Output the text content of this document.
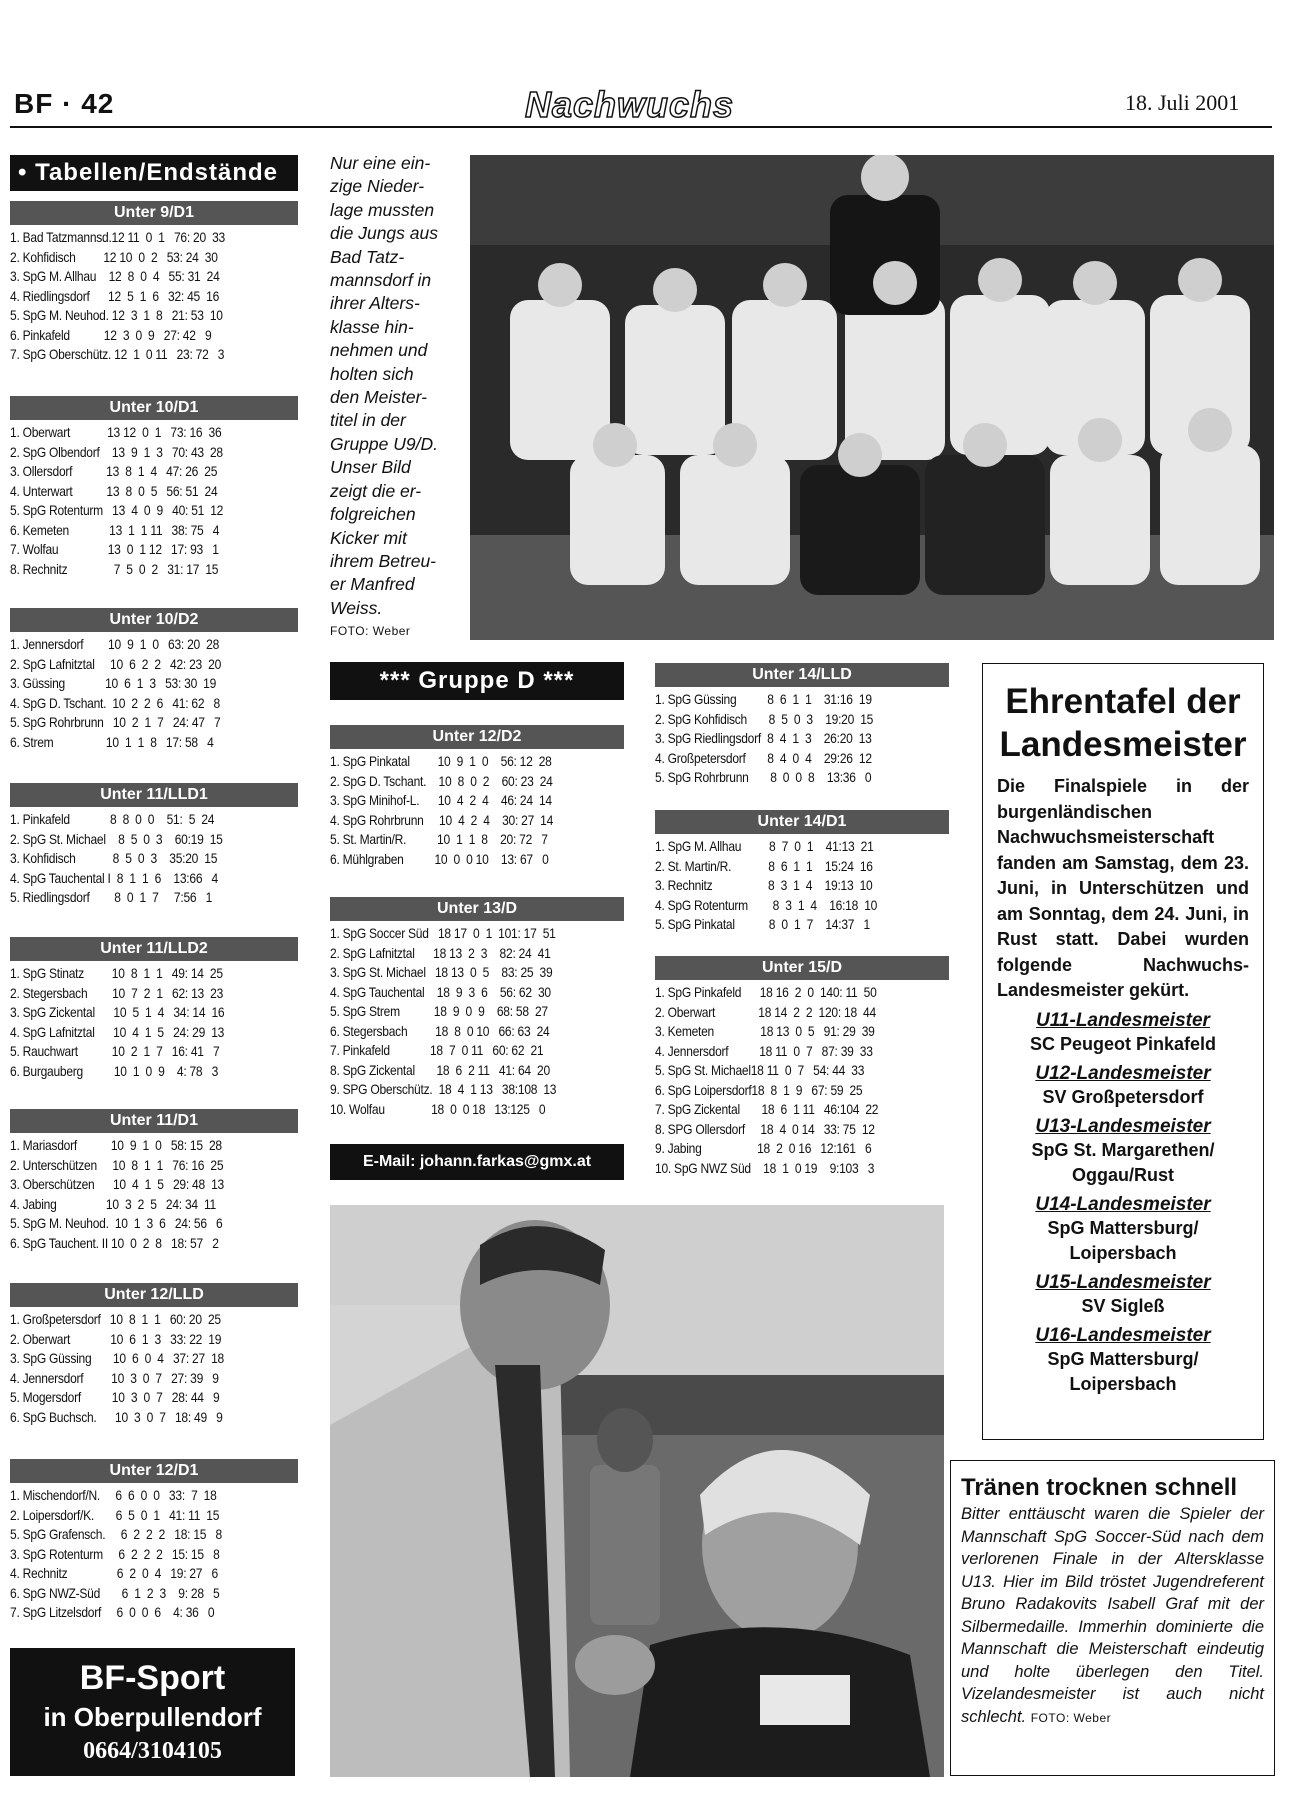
BF · 42	Nachwuchs	18. Juli 2001
• Tabellen/Endstände
Unter 9/D1
1. Bad Tatzmannsd.12 11  0  1   76: 20  33
2. Kohfidisch         12 10  0  2   53: 24  30
3. SpG M. Allhau    12  8  0  4   55: 31  24
4. Riedlingsdorf      12  5  1  6   32: 45  16
5. SpG M. Neuhod. 12  3  1  8   21: 53  10
6. Pinkafeld           12  3  0  9   27: 42   9
7. SpG Oberschütz. 12  1  0 11   23: 72   3
Unter 10/D1
1. Oberwart            13 12  0  1   73: 16  36
2. SpG Olbendorf    13  9  1  3   70: 43  28
3. Ollersdorf           13  8  1  4   47: 26  25
4. Unterwart           13  8  0  5   56: 51  24
5. SpG Rotenturm   13  4  0  9   40: 51  12
6. Kemeten             13  1  1 11   38: 75   4
7. Wolfau                13  0  1 12   17: 93   1
8. Rechnitz               7  5  0  2   31: 17  15
Unter 10/D2
1. Jennersdorf        10  9  1  0   63: 20  28
2. SpG Lafnitztal     10  6  2  2   42: 23  20
3. Güssing             10  6  1  3   53: 30  19
4. SpG D. Tschant.  10  2  2  6   41: 62   8
5. SpG Rohrbrunn   10  2  1  7   24: 47   7
6. Strem                 10  1  1  8   17: 58   4
Unter 11/LLD1
1. Pinkafeld             8  8  0  0    51:  5  24
2. SpG St. Michael    8  5  0  3    60:19  15
3. Kohfidisch            8  5  0  3    35:20  15
4. SpG Tauchental I  8  1  1  6    13:66   4
5. Riedlingsdorf        8  0  1  7     7:56   1
Unter 11/LLD2
1. SpG Stinatz         10  8  1  1   49: 14  25
2. Stegersbach        10  7  2  1   62: 13  23
3. SpG Zickental      10  5  1  4   34: 14  16
4. SpG Lafnitztal      10  4  1  5   24: 29  13
5. Rauchwart           10  2  1  7   16: 41   7
6. Burgauberg          10  1  0  9    4: 78   3
Unter 11/D1
1. Mariasdorf           10  9  1  0   58: 15  28
2. Unterschützen     10  8  1  1   76: 16  25
3. Oberschützen      10  4  1  5   29: 48  13
4. Jabing                10  3  2  5   24: 34  11
5. SpG M. Neuhod.  10  1  3  6   24: 56   6
6. SpG Tauchent. II 10  0  2  8   18: 57   2
Unter 12/LLD
1. Großpetersdorf   10  8  1  1   60: 20  25
2. Oberwart             10  6  1  3   33: 22  19
3. SpG Güssing       10  6  0  4   37: 27  18
4. Jennersdorf         10  3  0  7   27: 39   9
5. Mogersdorf          10  3  0  7   28: 44   9
6. SpG Buchsch.      10  3  0  7   18: 49   9
Unter 12/D1
1. Mischendorf/N.     6  6  0  0   33:  7  18
2. Loipersdorf/K.       6  5  0  1   41: 11  15
5. SpG Grafensch.     6  2  2  2   18: 15   8
3. SpG Rotenturm     6  2  2  2   15: 15   8
4. Rechnitz                6  2  0  4   19: 27   6
6. SpG NWZ-Süd       6  1  2  3    9: 28   5
7. SpG Litzelsdorf     6  0  0  6    4: 36   0
Nur eine ein-
zige Nieder-
lage mussten
die Jungs aus
Bad Tatz-
mannsdorf in
ihrer Alters-
klasse hin-
nehmen und
holten sich
den Meister-
titel in der
Gruppe U9/D.
Unser Bild
zeigt die er-
folgreichen
Kicker mit
ihrem Betreu-
er Manfred
Weiss.
FOTO: Weber
*** Gruppe D ***
Unter 12/D2
1. SpG Pinkatal         10  9  1  0    56: 12  28
2. SpG D. Tschant.    10  8  0  2    60: 23  24
3. SpG Minihof-L.      10  4  2  4    46: 24  14
4. SpG Rohrbrunn     10  4  2  4    30: 27  14
5. St. Martin/R.          10  1  1  8    20: 72   7
6. Mühlgraben          10  0  0 10    13: 67   0
Unter 13/D
1. SpG Soccer Süd   18 17  0  1  101: 17  51
2. SpG Lafnitztal      18 13  2  3    82: 24  41
3. SpG St. Michael   18 13  0  5    83: 25  39
4. SpG Tauchental    18  9  3  6    56: 62  30
5. SpG Strem           18  9  0  9    68: 58  27
6. Stegersbach         18  8  0 10   66: 63  24
7. Pinkafeld             18  7  0 11   60: 62  21
8. SpG Zickental       18  6  2 11   41: 64  20
9. SPG Oberschütz.  18  4  1 13   38:108  13
10. Wolfau               18  0  0 18   13:125   0
E-Mail: johann.farkas@gmx.at
Unter 14/LLD
1. SpG Güssing          8  6  1  1    31:16  19
2. SpG Kohfidisch       8  5  0  3    19:20  15
3. SpG Riedlingsdorf  8  4  1  3    26:20  13
4. Großpetersdorf       8  4  0  4    29:26  12
5. SpG Rohrbrunn       8  0  0  8    13:36   0
Unter 14/D1
1. SpG M. Allhau         8  7  0  1    41:13  21
2. St. Martin/R.            8  6  1  1    15:24  16
3. Rechnitz                  8  3  1  4    19:13  10
4. SpG Rotenturm        8  3  1  4    16:18  10
5. SpG Pinkatal           8  0  1  7    14:37   1
Unter 15/D
1. SpG Pinkafeld      18 16  2  0  140: 11  50
2. Oberwart              18 14  2  2  120: 18  44
3. Kemeten               18 13  0  5   91: 29  39
4. Jennersdorf          18 11  0  7   87: 39  33
5. SpG St. Michael18 11  0  7   54: 44  33
6. SpG Loipersdorf18  8  1  9   67: 59  25
7. SpG Zickental       18  6  1 11   46:104  22
8. SPG Ollersdorf     18  4  0 14   33: 75  12
9. Jabing                  18  2  0 16   12:161   6
10. SpG NWZ Süd    18  1  0 19    9:103   3
Ehrentafel der
Landesmeister
Die Finalspiele in der burgenländischen Nachwuchsmeisterschaft fanden am Samstag, dem 23. Juni, in Unterschützen und am Sonntag, dem 24. Juni, in Rust statt. Dabei wurden folgende Nachwuchs-Landesmeister gekürt.
U11-Landesmeister
SC Peugeot Pinkafeld
U12-Landesmeister
SV Großpetersdorf
U13-Landesmeister
SpG St. Margarethen/
Oggau/Rust
U14-Landesmeister
SpG Mattersburg/
Loipersbach
U15-Landesmeister
SV Sigleß
U16-Landesmeister
SpG Mattersburg/
Loipersbach
Tränen trocknen schnell

Bitter enttäuscht waren die Spieler der Mannschaft SpG Soccer-Süd nach dem verlorenen Finale in der Altersklasse U13. Hier im Bild tröstet Jugendreferent Bruno Radakovits Isabell Graf mit der Silbermedaille. Immerhin dominierte die Mannschaft die Meisterschaft eindeutig und holte überlegen den Titel. Vizelandesmeister ist auch nicht schlecht. FOTO: Weber

BF-Sport
in Oberpullendorf
0664/3104105
